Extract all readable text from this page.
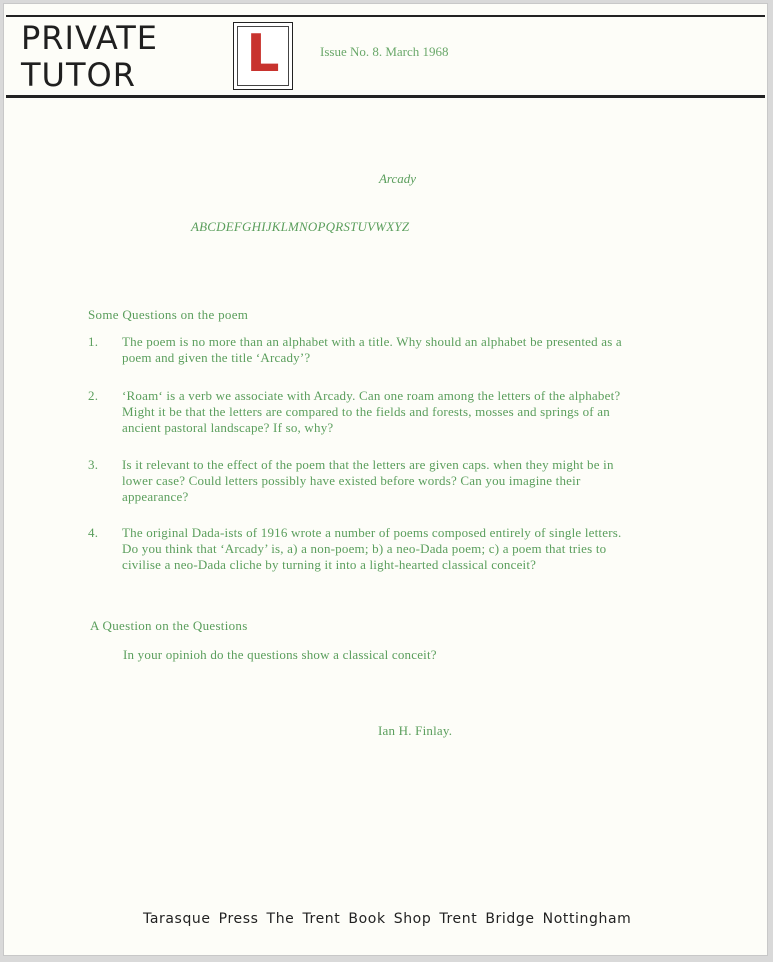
PRIVATE
TUTOR	L	Issue No. 8. March 1968
Arcady
ABCDEFGHIJKLMNOPQRSTUVWXYZ
Some Questions on the poem
1. The poem is no more than an alphabet with a title. Why should an alphabet be presented as a poem and given the title ‘Arcady’?
2. ‘Roam‘ is a verb we associate with Arcady. Can one roam among the letters of the alphabet? Might it be that the letters are compared to the fields and forests, mosses and springs of an ancient pastoral landscape? If so, why?
3. Is it relevant to the effect of the poem that the letters are given caps. when they might be in lower case? Could letters possibly have existed before words? Can you imagine their appearance?
4. The original Dada-ists of 1916 wrote a number of poems composed entirely of single letters. Do you think that ‘Arcady’ is, a) a non-poem; b) a neo-Dada poem; c) a poem that tries to civilise a neo-Dada cliche by turning it into a light-hearted classical conceit?
A Question on the Questions
In your opinioh do the questions show a classical conceit?
Ian H. Finlay.
Tarasque Press The Trent Book Shop Trent Bridge Nottingham
